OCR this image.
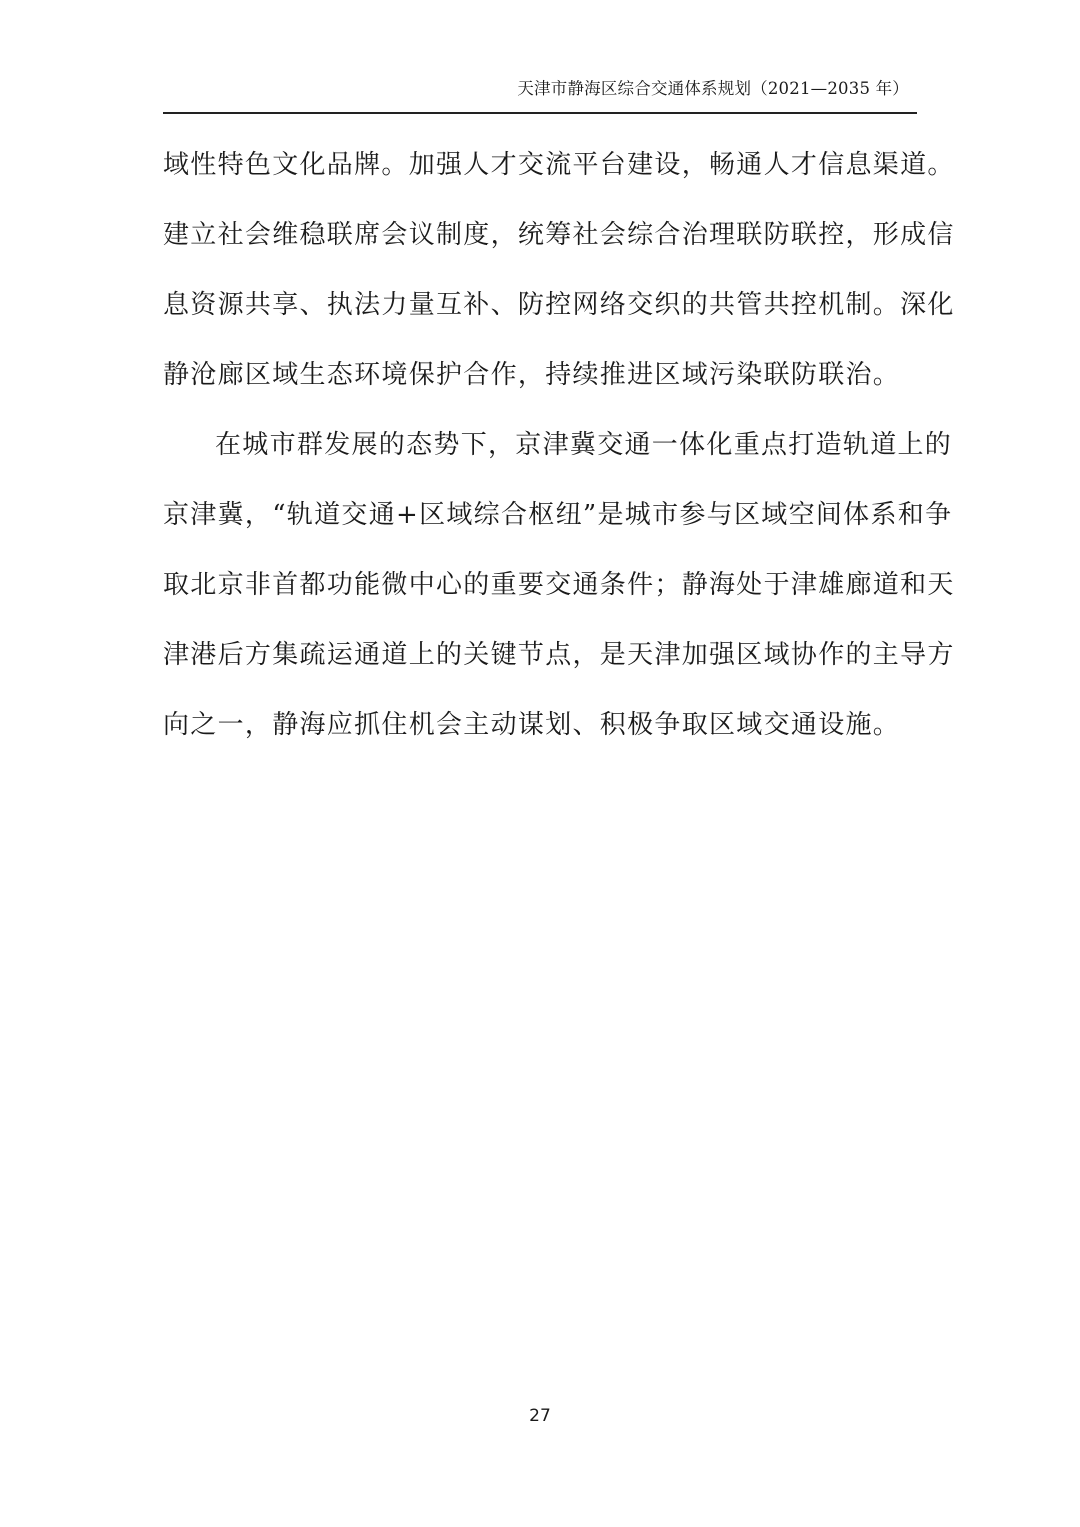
天津市静海区综合交通体系规划（2021—2035 年）
域性特色文化品牌。加强人才交流平台建设，畅通人才信息渠道。
建立社会维稳联席会议制度，统筹社会综合治理联防联控，形成信
息资源共享、执法力量互补、防控网络交织的共管共控机制。深化
静沧廊区域生态环境保护合作，持续推进区域污染联防联治。
在城市群发展的态势下，京津冀交通一体化重点打造轨道上的
京津冀，“轨道交通+区域综合枢纽”是城市参与区域空间体系和争
取北京非首都功能微中心的重要交通条件；静海处于津雄廊道和天
津港后方集疏运通道上的关键节点，是天津加强区域协作的主导方
向之一，静海应抓住机会主动谋划、积极争取区域交通设施。
27
